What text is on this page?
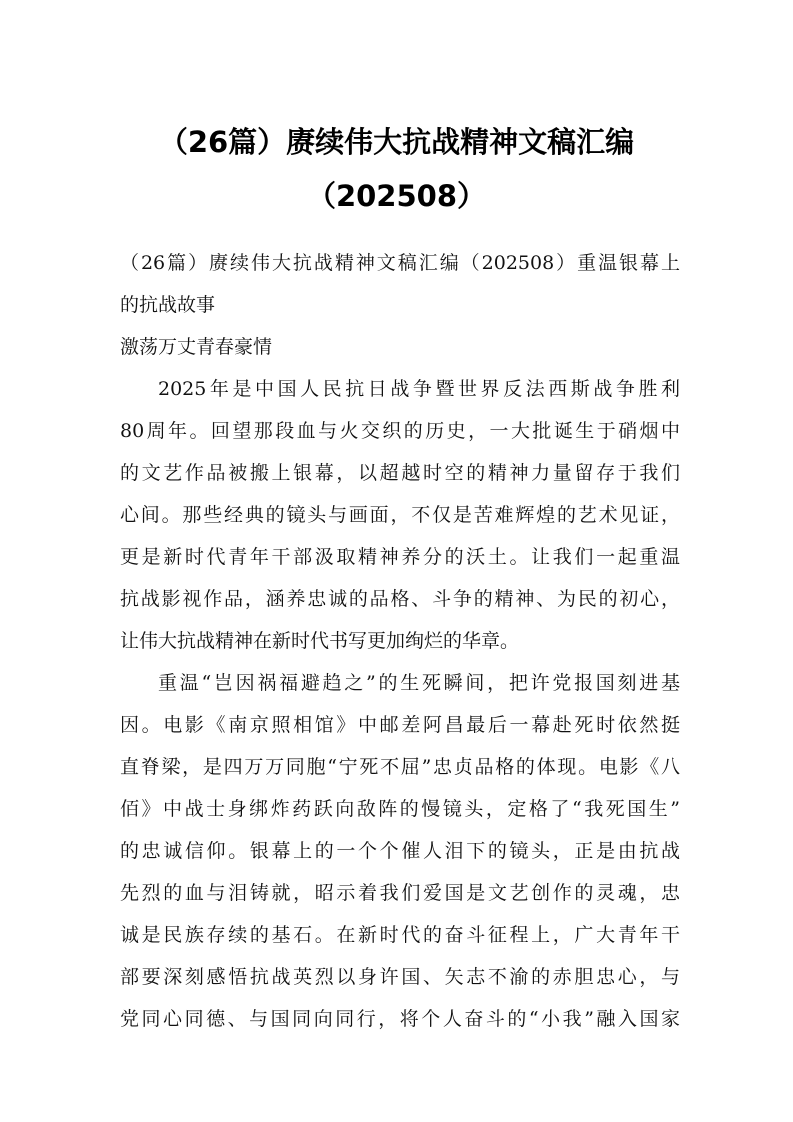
（26篇）赓续伟大抗战精神文稿汇编
（202508）
（26篇）赓续伟大抗战精神文稿汇编（202508）重温银幕上
的抗战故事
激荡万丈青春豪情
2025年是中国人民抗日战争暨世界反法西斯战争胜利
80周年。回望那段血与火交织的历史，一大批诞生于硝烟中
的文艺作品被搬上银幕，以超越时空的精神力量留存于我们
心间。那些经典的镜头与画面，不仅是苦难辉煌的艺术见证，
更是新时代青年干部汲取精神养分的沃土。让我们一起重温
抗战影视作品，涵养忠诚的品格、斗争的精神、为民的初心，
让伟大抗战精神在新时代书写更加绚烂的华章。
重温“岂因祸福避趋之”的生死瞬间，把许党报国刻进基
因。电影《南京照相馆》中邮差阿昌最后一幕赴死时依然挺
直脊梁，是四万万同胞“宁死不屈”忠贞品格的体现。电影《八
佰》中战士身绑炸药跃向敌阵的慢镜头，定格了“我死国生”
的忠诚信仰。银幕上的一个个催人泪下的镜头，正是由抗战
先烈的血与泪铸就，昭示着我们爱国是文艺创作的灵魂，忠
诚是民族存续的基石。在新时代的奋斗征程上，广大青年干
部要深刻感悟抗战英烈以身许国、矢志不渝的赤胆忠心，与
党同心同德、与国同向同行，将个人奋斗的“小我”融入国家
